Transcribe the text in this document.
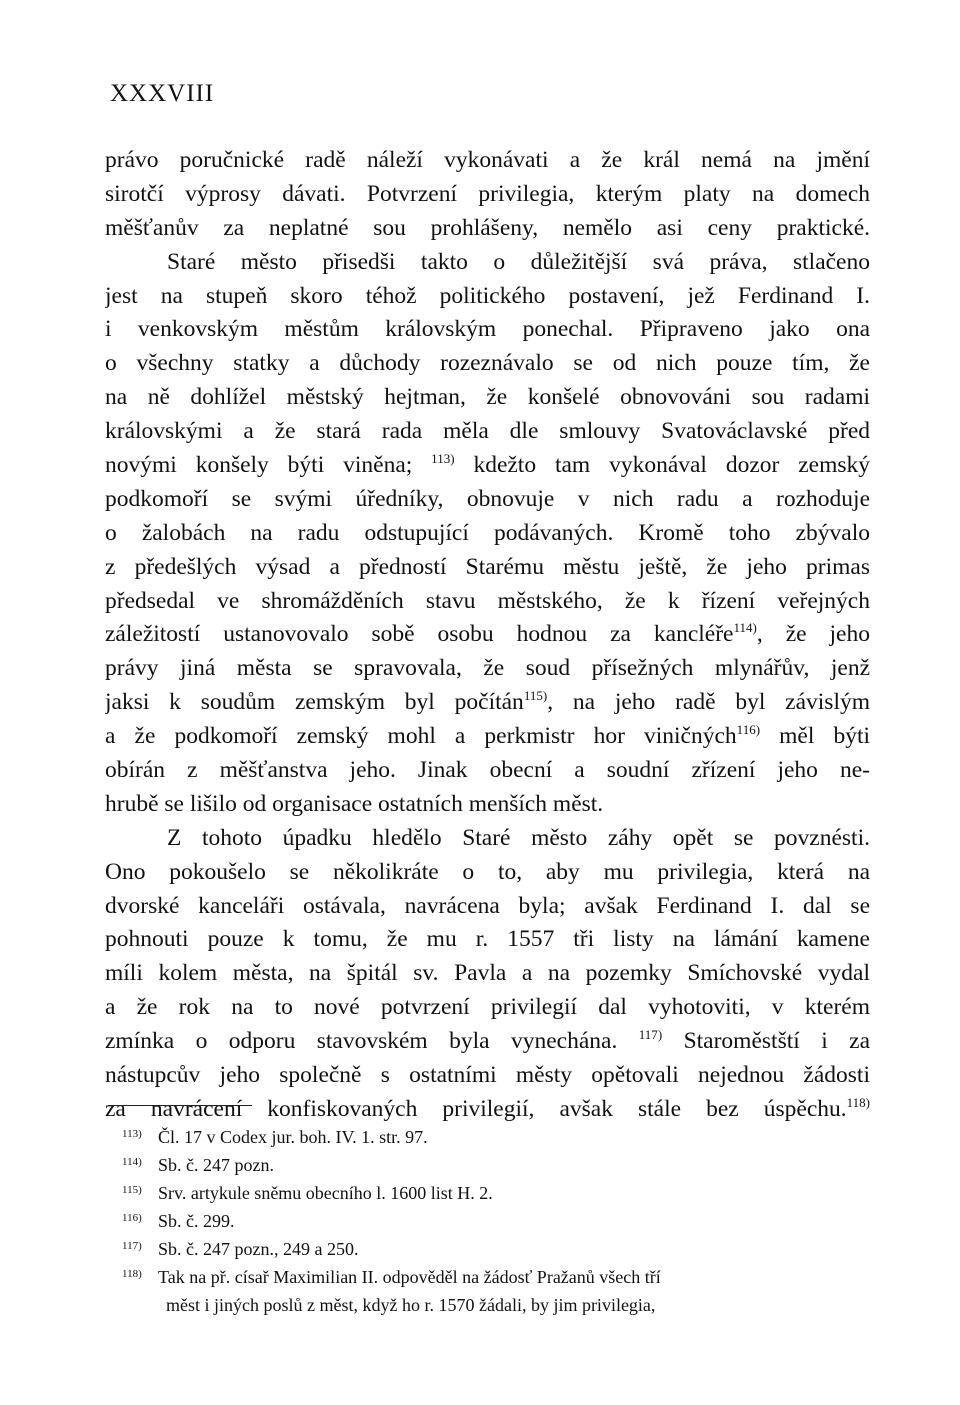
XXXVIII
právo poručnické radě náleží vykonávati a že král nemá na jmění
sirotčí výprosy dávati. Potvrzení privilegia, kterým platy na domech
měšťanův za neplatné sou prohlášeny, nemělo asi ceny praktické.
Staré město přisedši takto o důležitější svá práva, stlačeno
jest na stupeň skoro téhož politického postavení, jež Ferdinand I.
i venkovským městům královským ponechal. Připraveno jako ona
o všechny statky a důchody rozeznávalo se od nich pouze tím, že
na ně dohlížel městský hejtman, že konšelé obnovováni sou radami
královskými a že stará rada měla dle smlouvy Svatováclavské před
novými konšely býti viněna; $^{113)}$ kdežto tam vykonával dozor zemský
podkomoří se svými úředníky, obnovuje v nich radu a rozhoduje
o žalobách na radu odstupující podávaných. Kromě toho zbývalo
z předešlých výsad a předností Starému městu ještě, že jeho primas
předsedal ve shromážděních stavu městského, že k řízení veřejných
záležitostí ustanovovalo sobě osobu hodnou za kancléře$^{114)}$, že jeho
právy jiná města se spravovala, že soud přísežných mlynářův, jenž
jaksi k soudům zemským byl počítán$^{115)}$, na jeho radě byl závislým
a že podkomoří zemský mohl a perkmistr hor viničných$^{116)}$ měl býti
obírán z měšťanstva jeho. Jinak obecní a soudní zřízení jeho ne-
hrubě se lišilo od organisace ostatních menších měst.
Z tohoto úpadku hledělo Staré město záhy opět se povznésti.
Ono pokoušelo se několikráte o to, aby mu privilegia, která na
dvorské kanceláři ostávala, navrácena byla; avšak Ferdinand I. dal se
pohnouti pouze k tomu, že mu r. 1557 tři listy na lámání kamene
míli kolem města, na špitál sv. Pavla a na pozemky Smíchovské vydal
a že rok na to nové potvrzení privilegií dal vyhotoviti, v kterém
zmínka o odporu stavovském byla vynechána. $^{117)}$ Staroměstští i za
nástupcův jeho společně s ostatními městy opětovali nejednou žádosti
za navrácení konfiskovaných privilegií, avšak stále bez úspěchu.$^{118)}$
$^{113)}$ Čl. 17 v Codex jur. boh. IV. 1. str. 97.
$^{114)}$ Sb. č. 247 pozn.
$^{115)}$ Srv. artykule sněmu obecního l. 1600 list H. 2.
$^{116)}$ Sb. č. 299.
$^{117)}$ Sb. č. 247 pozn., 249 a 250.
$^{118)}$ Tak na př. císař Maximilian II. odpověděl na žádosť Pražanů všech tří
měst i jiných poslů z měst, když ho r. 1570 žádali, by jim privilegia,
